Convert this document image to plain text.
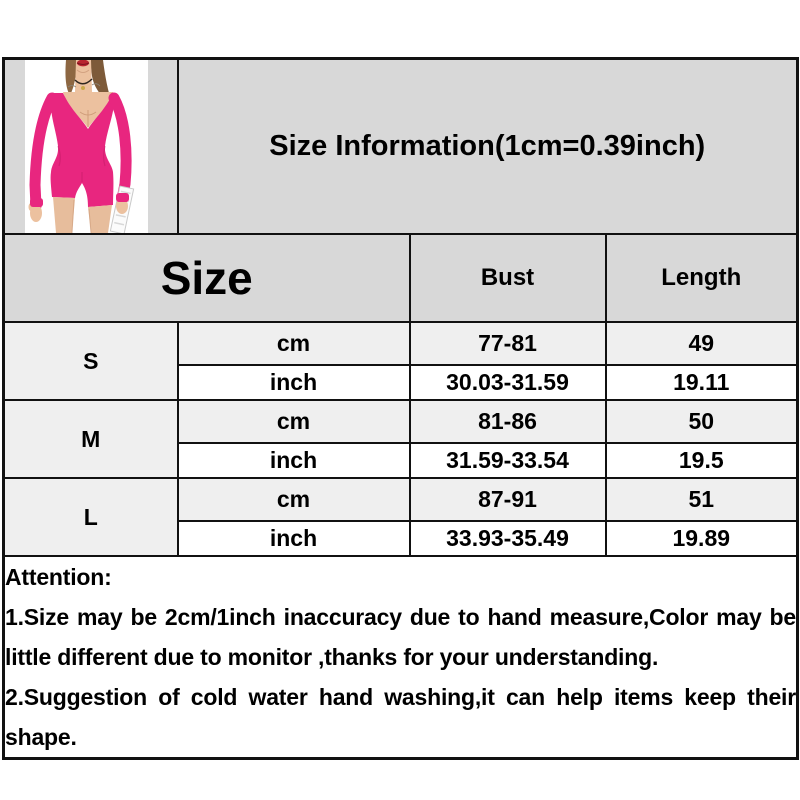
	Size Information(1cm=0.39inch)		
Size		Bust	Length
S	cm	77-81	49
	inch	30.03-31.59	19.11
M	cm	81-86	50
	inch	31.59-33.54	19.5
L	cm	87-91	51
	inch	33.93-35.49	19.89

Attention:

1.Size may be 2cm/1inch inaccuracy due to hand measure,Color may be little different due to monitor ,thanks for your understanding.

2.Suggestion of cold water hand washing,it can help items keep their shape.			
